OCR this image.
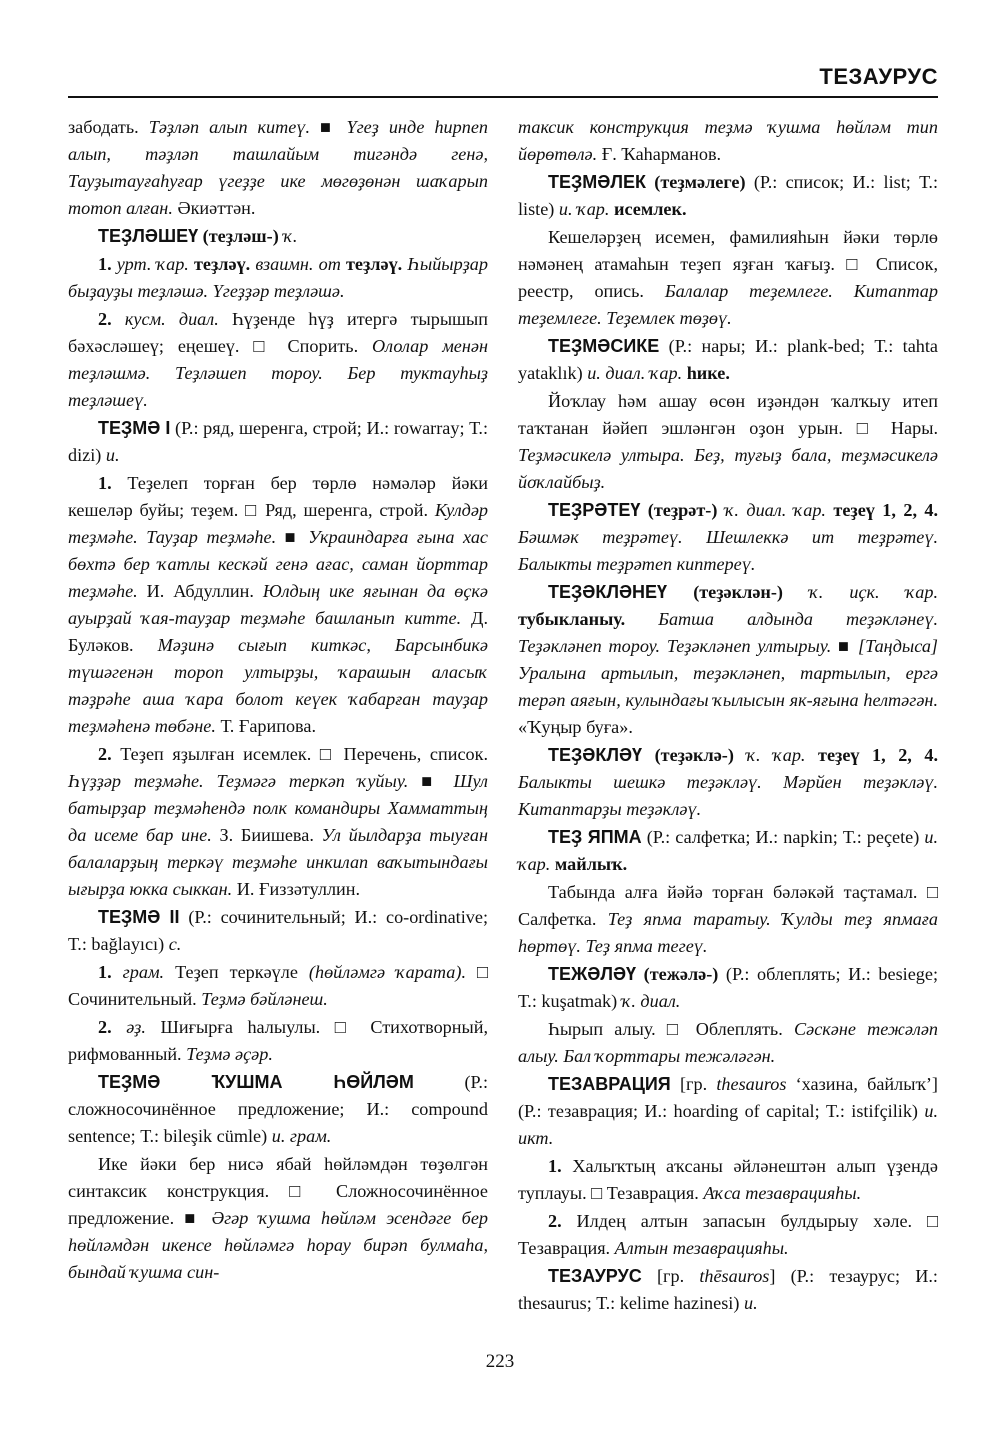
ТЕЗАУРУС

забодать. Тәҙләп алып китеү. ■ Үгеҙ инде һирпеп алып, тәҙләп ташлайым тигәндә генә, Тауҙытауғаһуғар үгеҙҙе ике мөгөҙөнән шаҡарып тотоп алған. Әкиәттән.

ТЕҘЛӘШЕҮ (теҙләш-) ҡ.

1. урт. ҡар. теҙләү. взаимн. от теҙләү. Һыйырҙар быҙауҙы теҙләшә. Үгеҙҙәр теҙләшә.

2. кусм. диал. Һүҙенде һүҙ итергә тырышып бәхәсләшеү; еңешеү. □ Спорить. Ололар менән теҙләшмә. Теҙләшеп тороу. Бер туктауһыҙ теҙләшеү.

ТЕҘМӘ I (Р.: ряд, шеренга, строй; И.: rowarray; Т.: dizi) и.

1. Теҙелеп торған бер төрлө нәмәләр йәки кешеләр буйы; теҙем. □ Ряд, шеренга, строй. Кулдәр теҙмәһе. Тауҙар теҙмәһе. ■ Украиндарға ғына хас бөхтә бер ҡатлы кескәй генә ағас, саман йорттар теҙмәһе. И. Абдуллин. Юлдың ике яғынан да өҫкә ауырҙай ҡая-тауҙар теҙмәһе башланып китте. Д. Буләков. Мәҙинә сығып киткәс, Барсынбикә түшәгенән тороп ултырҙы, ҡарашын аласыҡ тәҙрәһе аша ҡара болот кеүек ҡабарған тауҙар теҙмәһенә төбәне. Т. Ғарипова.

2. Теҙеп яҙылған исемлек. □ Перечень, список. Һүҙҙәр теҙмәһе. Теҙмәгә теркәп ҡуйыу. ■ Шул батырҙар теҙмәһендә полк командиры Хамматтың да исеме бар ине. З. Биишева. Ул йылдарҙа тыуған балаларҙың теркәү теҙмәһе инкилап ваҡытындағы ығырҙа юкка сыккан. И. Ғиззәтуллин.

ТЕҘМӘ II (Р.: сочинительный; И.: co-ordinative; Т.: bağlayıcı) с.

1. грам. Теҙеп теркәүле (һөйләмгә ҡарата). □ Сочинительный. Теҙмә бәйләнеш.

2. әҙ. Шиғырға һалыулы. □ Стихотворный, рифмованный. Теҙмә әҫәр.

ТЕҘМӘ ҠУШМА ҺӨЙЛӘМ (Р.: сложносочинённое предложение; И.: compound sentence; Т.: bileşik cümle) и. грам.

Ике йәки бер нисә ябай һөйләмдән төҙөлгән синтаксик конструкция. □ Сложносочинённое предложение. ■ Әгәр ҡушма һөйләм эсендәге бер һөйләмдән икенсе һөйләмгә һорау бирәп булмаһа, бындай ҡушма син-

таксик конструкция теҙмә ҡушма һөйләм тип йөрөтөлә. Ғ. Ҡаһарманов.

ТЕҘМӘЛЕК (теҙмәлеге) (Р.: список; И.: list; Т.: liste) и. ҡар. исемлек.

Кешеләрҙең исемен, фамилияһын йәки төрлө нәмәнең атамаһын теҙеп яҙған ҡағыҙ. □ Список, реестр, опись. Балалар теҙемлеге. Китаптар теҙемлеге. Теҙемлек төҙөү.

ТЕҘМӘСИКЕ (Р.: нары; И.: plank-bed; Т.: tahta yataklık) и. диал. ҡар. һике.

Йоҡлау һәм ашау өсөн иҙәндән ҡалҡыу итеп таҡтанан йәйеп эшләнгән оҙон урын. □ Нары. Теҙмәсикелә ултыра. Беҙ, туғыҙ бала, теҙмәсикелә йоҡлайбыҙ.

ТЕҘРӘТЕҮ (теҙрәт-) ҡ. диал. ҡар. теҙеү 1, 2, 4. Бәшмәк теҙрәтеү. Шешлеккә ит теҙрәтеү. Балыкты теҙрәтеп киптереү.

ТЕҘӘКЛӘНЕҮ (теҙәклән-) ҡ. иҫк. ҡар. тубыкланыу. Батша алдында теҙәкләнеү. Теҙәкләнеп тороу. Теҙәкләнеп ултырыу. ■ [Таңдыса] Уралына артылып, теҙәкләнеп, тартылып, ергә терәп аяғын, кулындағы ҡылысын як-яғына һелтәгән. «Ҡуңыр буға».

ТЕҘӘКЛӘҮ (теҙәклә-) ҡ. ҡар. теҙеү 1, 2, 4. Балыкты шешкә теҙәкләү. Мәрйен теҙәкләү. Китаптарҙы теҙәкләү.

ТЕҘ ЯПМА (Р.: салфетка; И.: napkin; Т.: peçete) и. ҡар. майлыҡ.

Табында алға йәйә торған бәләкәй таҫтамал. □ Салфетка. Теҙ япма таратыу. Ҡулды теҙ япмаға һөртөү. Теҙ япма тегеү.

ТЕЖӘЛӘҮ (тежәлә-) (Р.: облеплять; И.: besiege; Т.: kuşatmak) ҡ. диал.

Һырып алыу. □ Облеплять. Сәскәне тежәләп алыу. Бал ҡорттары тежәләгән.

ТЕЗАВРАЦИЯ [гр. thesauros ‘хазина, байлыҡ’] (Р.: тезаврация; И.: hoarding of capital; Т.: istifçilik) и. икт.

1. Халыҡтың аҡсаны әйләнештән алып үҙендә туплауы. □ Тезаврация. Аҡса тезаврацияһы.

2. Илдең алтын запасын булдырыу хәле. □ Тезаврация. Алтын тезаврацияһы.

ТЕЗАУРУС [гр. thēsauros] (Р.: тезаурус; И.: thesaurus; Т.: kelime hazinesi) и.

223
